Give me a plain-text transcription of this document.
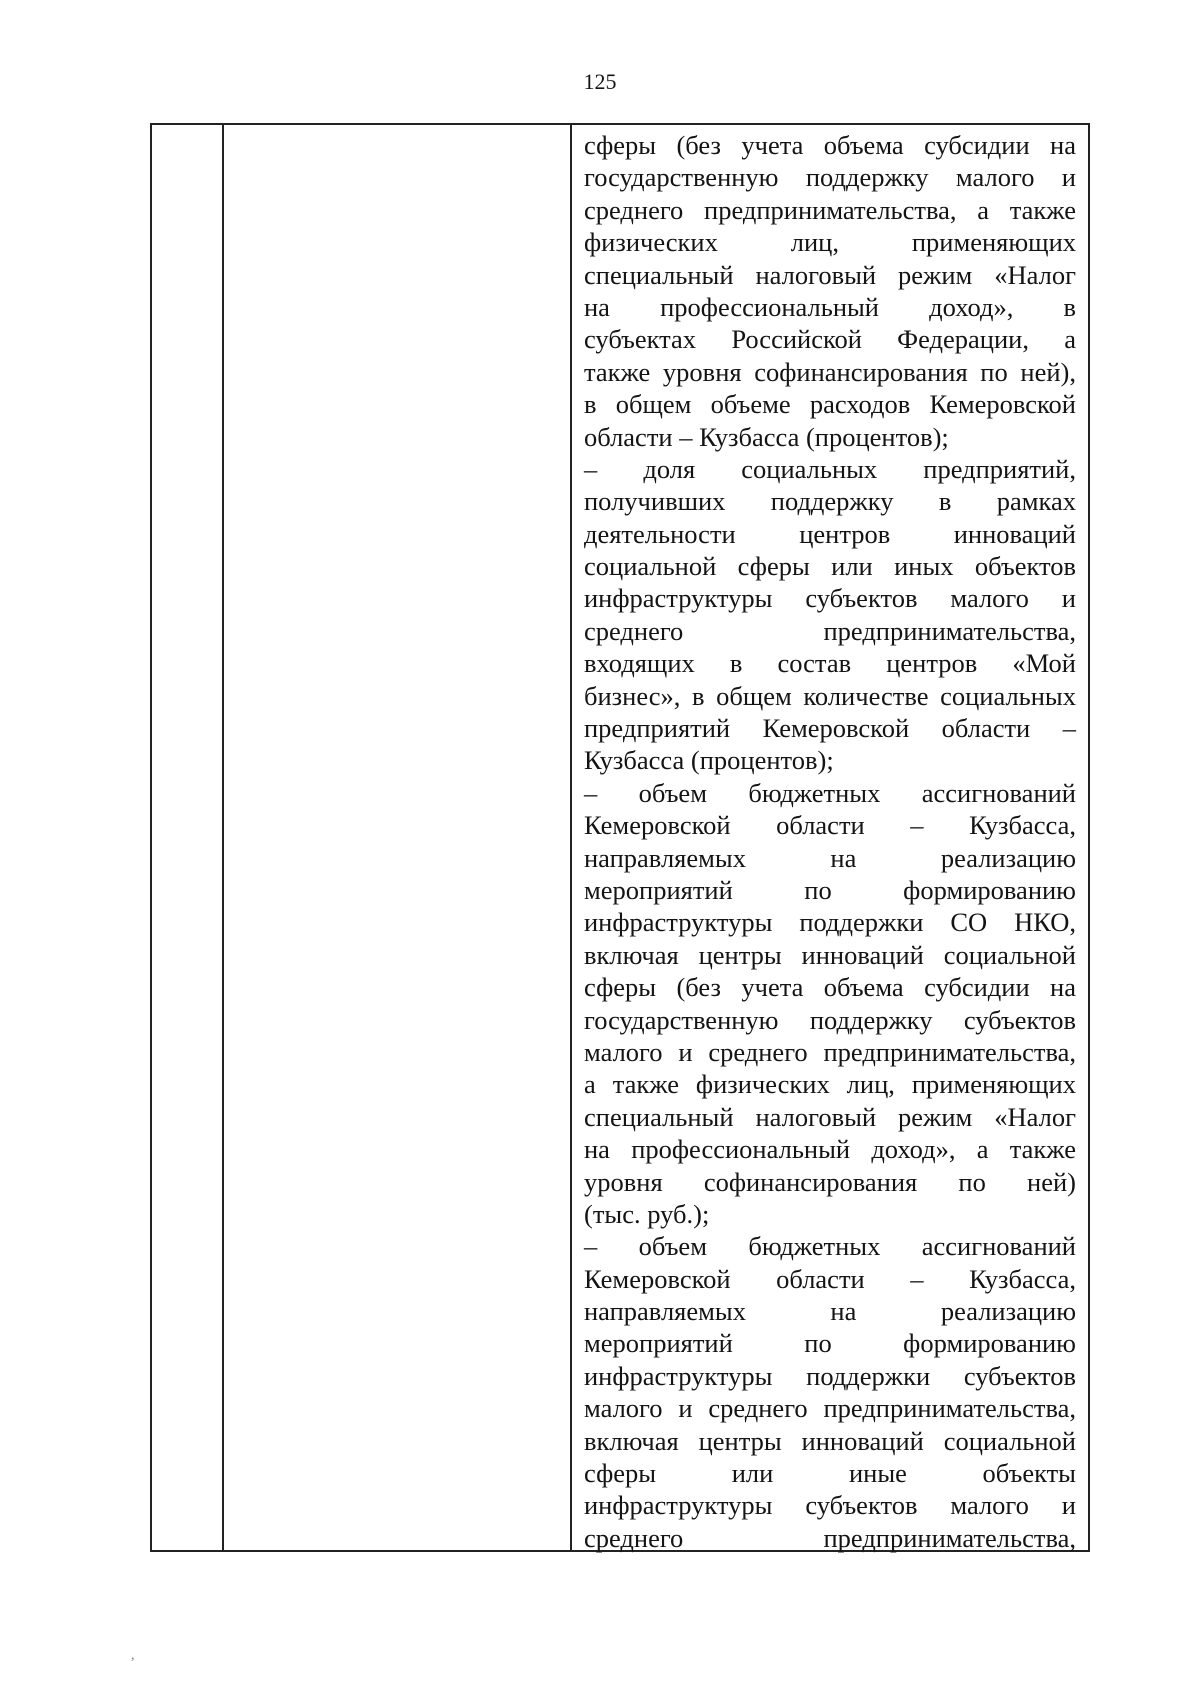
125
сферы (без учета объема субсидии на
государственную поддержку малого и
среднего предпринимательства, а также
физических лиц, применяющих
специальный налоговый режим «Налог
на профессиональный доход», в
субъектах Российской Федерации, а
также уровня софинансирования по ней),
в общем объеме расходов Кемеровской
области – Кузбасса (процентов);
– доля социальных предприятий,
получивших поддержку в рамках
деятельности центров инноваций
социальной сферы или иных объектов
инфраструктуры субъектов малого и
среднего предпринимательства,
входящих в состав центров «Мой
бизнес», в общем количестве социальных
предприятий Кемеровской области –
Кузбасса (процентов);
– объем бюджетных ассигнований
Кемеровской области – Кузбасса,
направляемых на реализацию
мероприятий по формированию
инфраструктуры поддержки СО НКО,
включая центры инноваций социальной
сферы (без учета объема субсидии на
государственную поддержку субъектов
малого и среднего предпринимательства,
а также физических лиц, применяющих
специальный налоговый режим «Налог
на профессиональный доход», а также
уровня софинансирования по ней)
(тыс. руб.);
– объем бюджетных ассигнований
Кемеровской области – Кузбасса,
направляемых на реализацию
мероприятий по формированию
инфраструктуры поддержки субъектов
малого и среднего предпринимательства,
включая центры инноваций социальной
сферы или иные объекты
инфраструктуры субъектов малого и
среднего предпринимательства,
,
